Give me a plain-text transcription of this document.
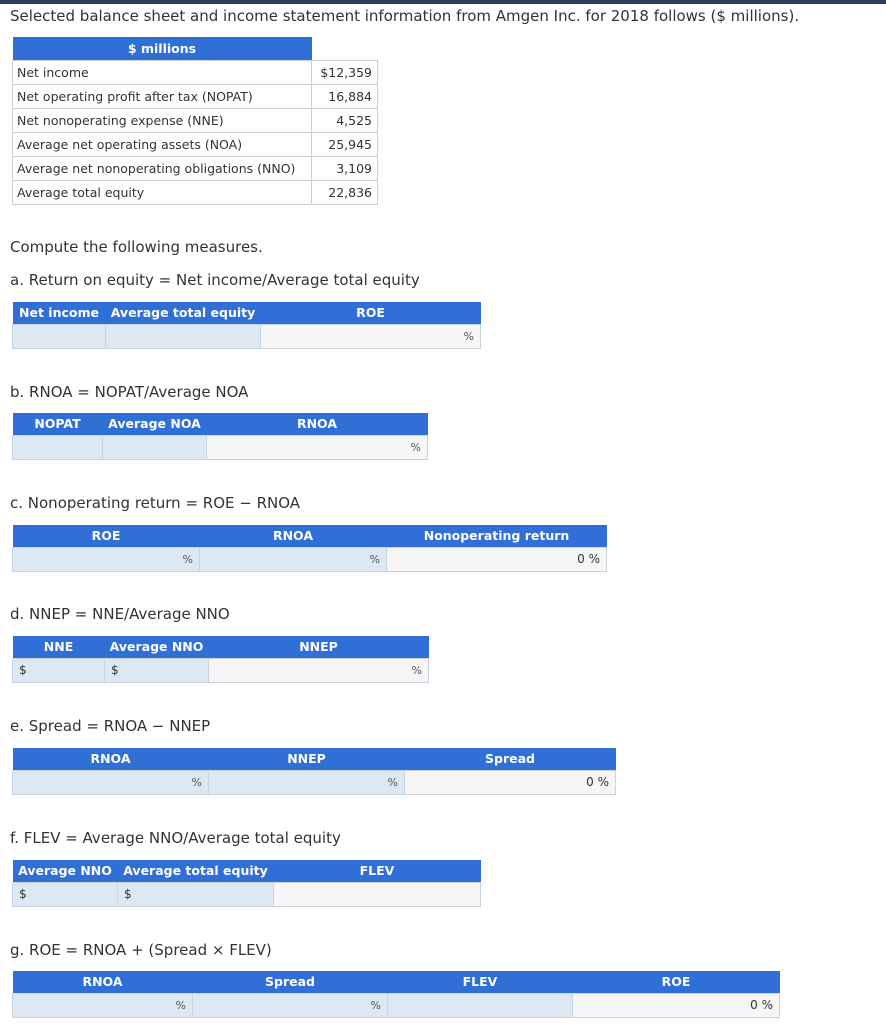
Selected balance sheet and income statement information from Amgen Inc. for 2018 follows ($ millions).
$ millions	
Net income	$12,359
Net operating profit after tax (NOPAT)	16,884
Net nonoperating expense (NNE)	4,525
Average net operating assets (NOA)	25,945
Average net nonoperating obligations (NNO)	3,109
Average total equity	22,836
Compute the following measures.
a. Return on equity = Net income/Average total equity
Net income	Average total equity	ROE

		%
b. RNOA = NOPAT/Average NOA
NOPAT	Average NOA	RNOA

		%
c. Nonoperating return = ROE − RNOA
ROE	RNOA	Nonoperating return

%	%	0 %
d. NNEP = NNE/Average NNO
NNE	Average NNO	NNEP

$	$	%
e. Spread = RNOA − NNEP
RNOA	NNEP	Spread

%	%	0 %
f. FLEV = Average NNO/Average total equity
Average NNO	Average total equity	FLEV

$	$	

g. ROE = RNOA + (Spread × FLEV)
RNOA	Spread	FLEV	ROE

%	%		0 %
